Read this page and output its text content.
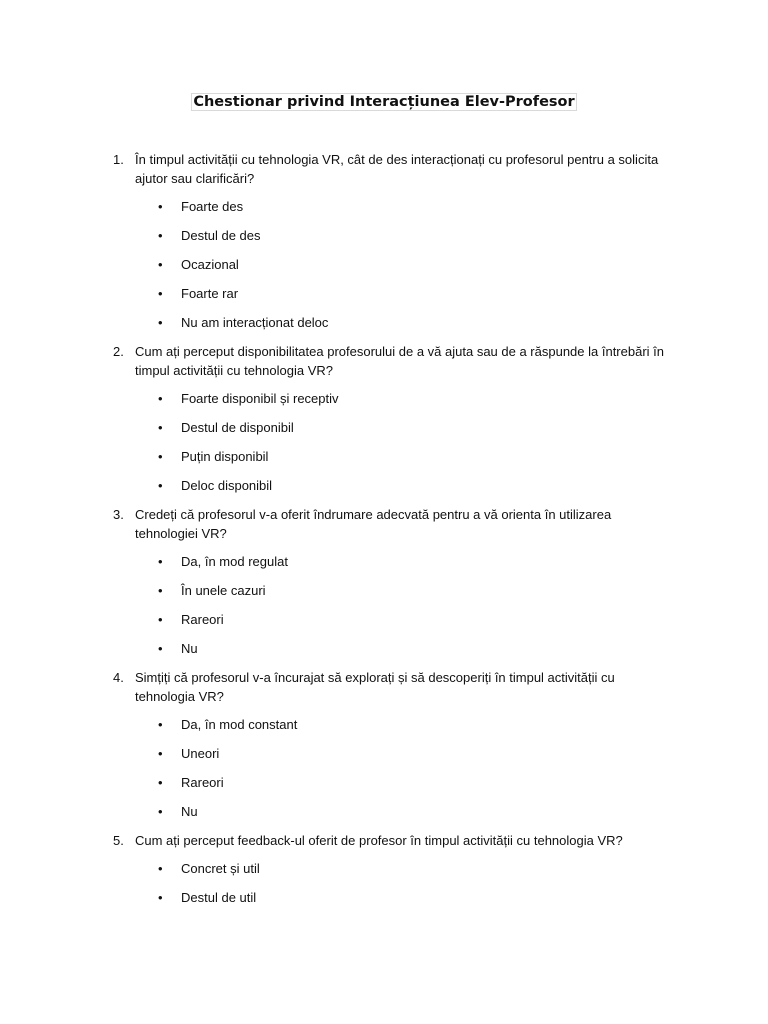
Chestionar privind Interacțiunea Elev-Profesor
1. În timpul activității cu tehnologia VR, cât de des interacționați cu profesorul pentru a solicita ajutor sau clarificări?
• Foarte des
• Destul de des
• Ocazional
• Foarte rar
• Nu am interacționat deloc
2. Cum ați perceput disponibilitatea profesorului de a vă ajuta sau de a răspunde la întrebări în timpul activității cu tehnologia VR?
• Foarte disponibil și receptiv
• Destul de disponibil
• Puțin disponibil
• Deloc disponibil
3. Credeți că profesorul v-a oferit îndrumare adecvată pentru a vă orienta în utilizarea tehnologiei VR?
• Da, în mod regulat
• În unele cazuri
• Rareori
• Nu
4. Simțiți că profesorul v-a încurajat să explorați și să descoperiți în timpul activității cu tehnologia VR?
• Da, în mod constant
• Uneori
• Rareori
• Nu
5. Cum ați perceput feedback-ul oferit de profesor în timpul activității cu tehnologia VR?
• Concret și util
• Destul de util
